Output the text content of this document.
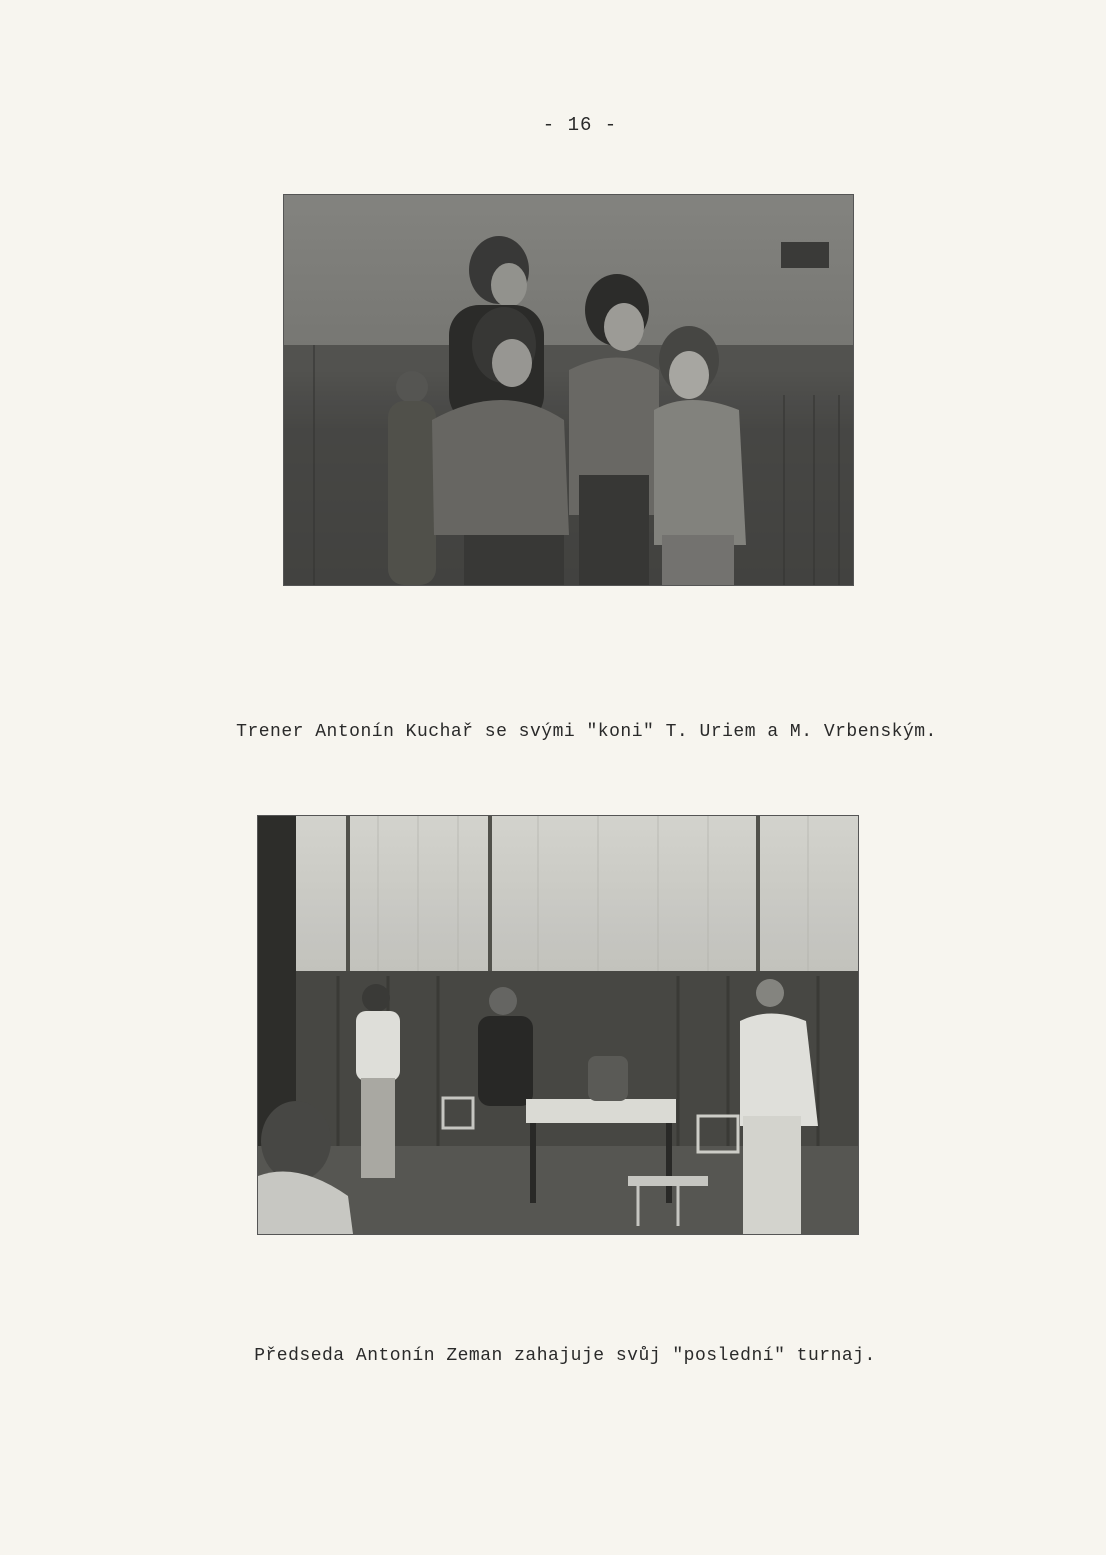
- 16 -
Trener Antonín Kuchař se svými "koni" T. Uriem a M. Vrbenským.
Předseda Antonín Zeman zahajuje svůj "poslední" turnaj.
